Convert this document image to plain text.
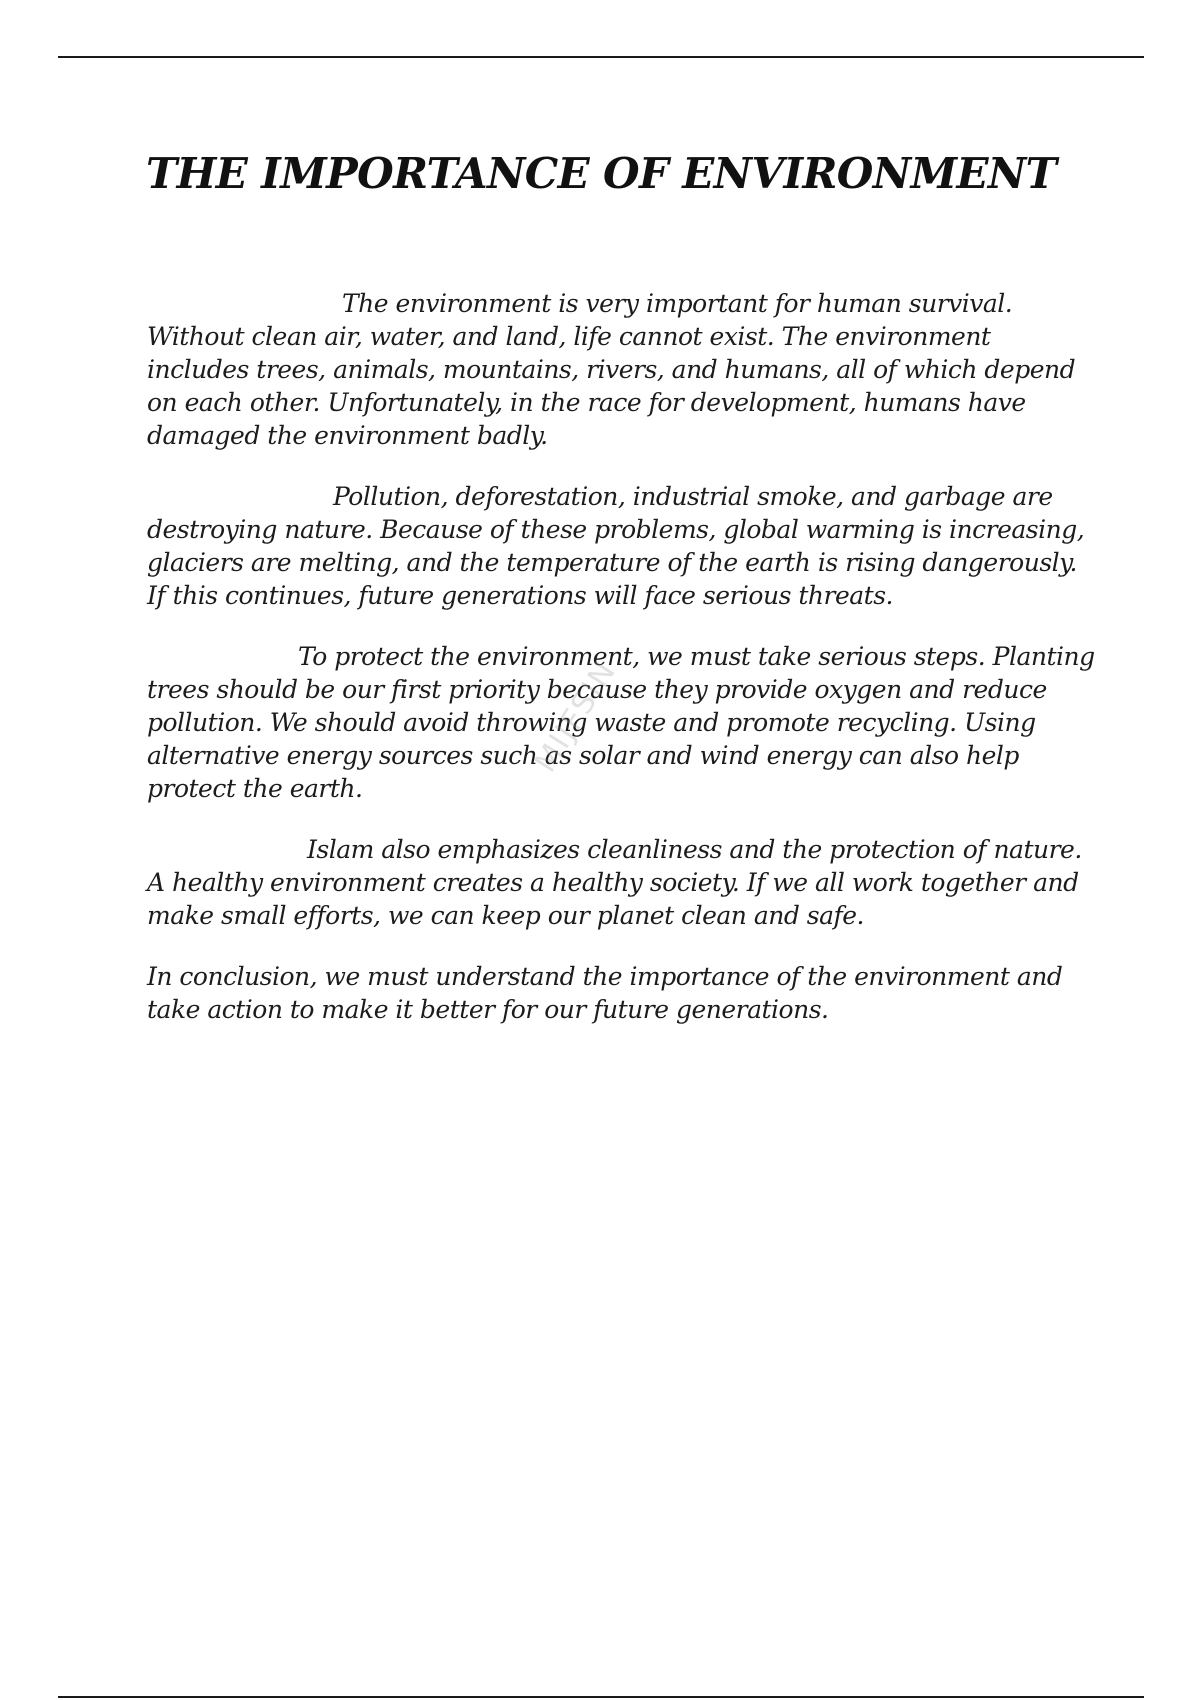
THE IMPORTANCE OF ENVIRONMENT

The environment is very important for human survival. Without clean air, water, and land, life cannot exist. The environment includes trees, animals, mountains, rivers, and humans, all of which depend on each other. Unfortunately, in the race for development, humans have damaged the environment badly.

Pollution, deforestation, industrial smoke, and garbage are destroying nature. Because of these problems, global warming is increasing, glaciers are melting, and the temperature of the earth is rising dangerously. If this continues, future generations will face serious threats.

To protect the environment, we must take serious steps. Planting trees should be our first priority because they provide oxygen and reduce pollution. We should avoid throwing waste and promote recycling. Using alternative energy sources such as solar and wind energy can also help protect the earth.

Islam also emphasizes cleanliness and the protection of nature. A healthy environment creates a healthy society. If we all work together and make small efforts, we can keep our planet clean and safe.

In conclusion, we must understand the importance of the environment and take action to make it better for our future generations.

MIJFSIN
